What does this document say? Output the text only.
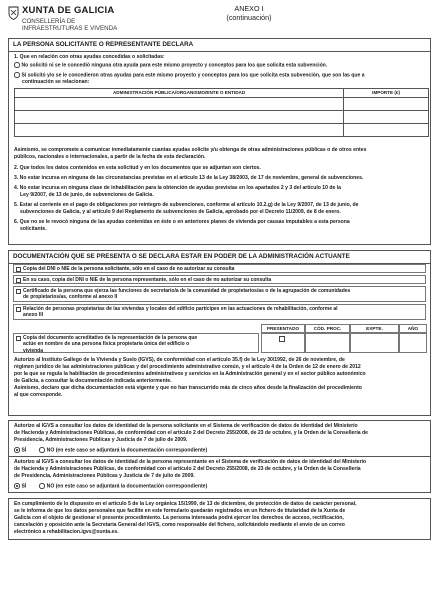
XUNTA DE GALICIA
CONSELLERÍA DE
INFRAESTRUTURAS E VIVENDA
ANEXO I
(continuación)
LA PERSONA SOLICITANTE O REPRESENTANTE DECLARA
1. Que en relación con otras ayudas concedidas o solicitadas:
No solicitó ni se le concedió ninguna otra ayuda para este mismo proyecto y conceptos para los que solicita esta subvención.
Sí solicitó y/o se le concedieron otras ayudas para este mismo proyecto y conceptos para los que solicita esta subvención, que son las que a
continuación se relacionan:
ADMINISTRACIÓN PÚBLICA/ORGANISMO/ENTE O ENTIDAD	IMPORTE (€)

Asimismo, se compromete a comunicar inmediatamente cuantas ayudas solicite y/u obtenga de otras administraciones públicas o de otros entes
públicos, nacionales o internacionales, a partir de la fecha de esta declaración.
2. Que todos los datos contenidos en esta solicitud y en los documentos que se adjuntan son ciertos.
3. No estar incursa en ninguna de las circunstancias previstas en el artículo 13 de la Ley 38/2003, de 17 de noviembre, general de subvenciones.
4. No estar incursa en ninguna clase de inhabilitación para la obtención de ayudas previstas en los apartados 2 y 3 del artículo 10 de la
Ley 9/2007, de 13 de junio, de subvenciones de Galicia.
5. Estar al corriente en el pago de obligaciones por reintegro de subvenciones, conforme al artículo 10.2.g) de la Ley 9/2007, de 13 de junio, de
subvenciones de Galicia, y al artículo 9 del Reglamento de subvenciones de Galicia, aprobado por el Decreto 11/2009, de 8 de enero.
6. Que no se le revocó ninguna de las ayudas contenidas en éste o en anteriores planes de vivienda por causas imputables a esta persona
solicitante.
DOCUMENTACIÓN QUE SE PRESENTA O SE DECLARA ESTAR EN PODER DE LA ADMINISTRACIÓN ACTUANTE
Copia del DNI o NIE de la persona solicitante, sólo en el caso de no autorizar su consulta
En su caso, copia del DNI o NIE de la persona representante, sólo en el caso de no autorizar su consulta
Certificado de la persona que ejerza las funciones de secretario/a de la comunidad de propietarios/as o de la agrupación de comunidades
de propietarios/as, conforme al anexo II
Relación de personas propietarias de las viviendas y locales del edificio partícipes en las actuaciones de rehabilitación, conforme al
anexo III
PRESENTADO	CÓD. PROC.	EXPTE.	AÑO
Copia del documento acreditativo de la representación de la persona que
actúe en nombre de una persona física propietaria única del edificio o
vivienda
Autorizo al Instituto Gallego de la Vivienda y Suelo (IGVS), de conformidad con el artículo 35.f) de la Ley 30/1992, de 26 de noviembre, de
régimen jurídico de las administraciones públicas y del procedimiento administrativo común, y el artículo 4 de la Orden de 12 de enero de 2012
por la que se regula la habilitación de procedimientos administrativos y servicios en la Administración general y en el sector público autonómico
de Galicia, a consultar la documentación indicada anteriormente.
Asimismo, declaro que dicha documentación está vigente y que no han transcurrido más de cinco años desde la finalización del procedimiento
al que corresponde.
Autorizo al IGVS a consultar los datos de identidad de la persona solicitante en el Sistema de verificación de datos de identidad del Ministerio
de Hacienda y Administraciones Públicas, de conformidad con el artículo 2 del Decreto 255/2008, de 23 de octubre, y la Orden de la Consellería de
Presidencia, Administraciones Públicas y Justicia de 7 de julio de 2009.
SÍ	NO (en este caso se adjuntará la documentación correspondiente)
Autorizo al IGVS a consultar los datos de identidad de la persona representante en el Sistema de verificación de datos de identidad del Ministerio
de Hacienda y Administraciones Públicas, de conformidad con el artículo 2 del Decreto 255/2008, de 23 de octubre, y la Orden de la Consellería
de Presidencia, Administraciones Públicas y Justicia de 7 de julio de 2009.
SÍ	NO (en este caso se adjuntará la documentación correspondiente)
En cumplimiento de lo dispuesto en el artículo 5 de la Ley orgánica 15/1999, de 13 de diciembre, de protección de datos de carácter personal,
se le informa de que los datos personales que facilite en este formulario quedarán registrados en un fichero de titularidad de la Xunta de
Galicia con el objeto de gestionar el presente procedimiento. La persona interesada podrá ejercer los derechos de acceso, rectificación,
cancelación y oposición ante la Secretaría General del IGVS, como responsable del fichero, solicitándolo mediante el envío de un correo
electrónico a rehabilitacion.igvs@xunta.es.
